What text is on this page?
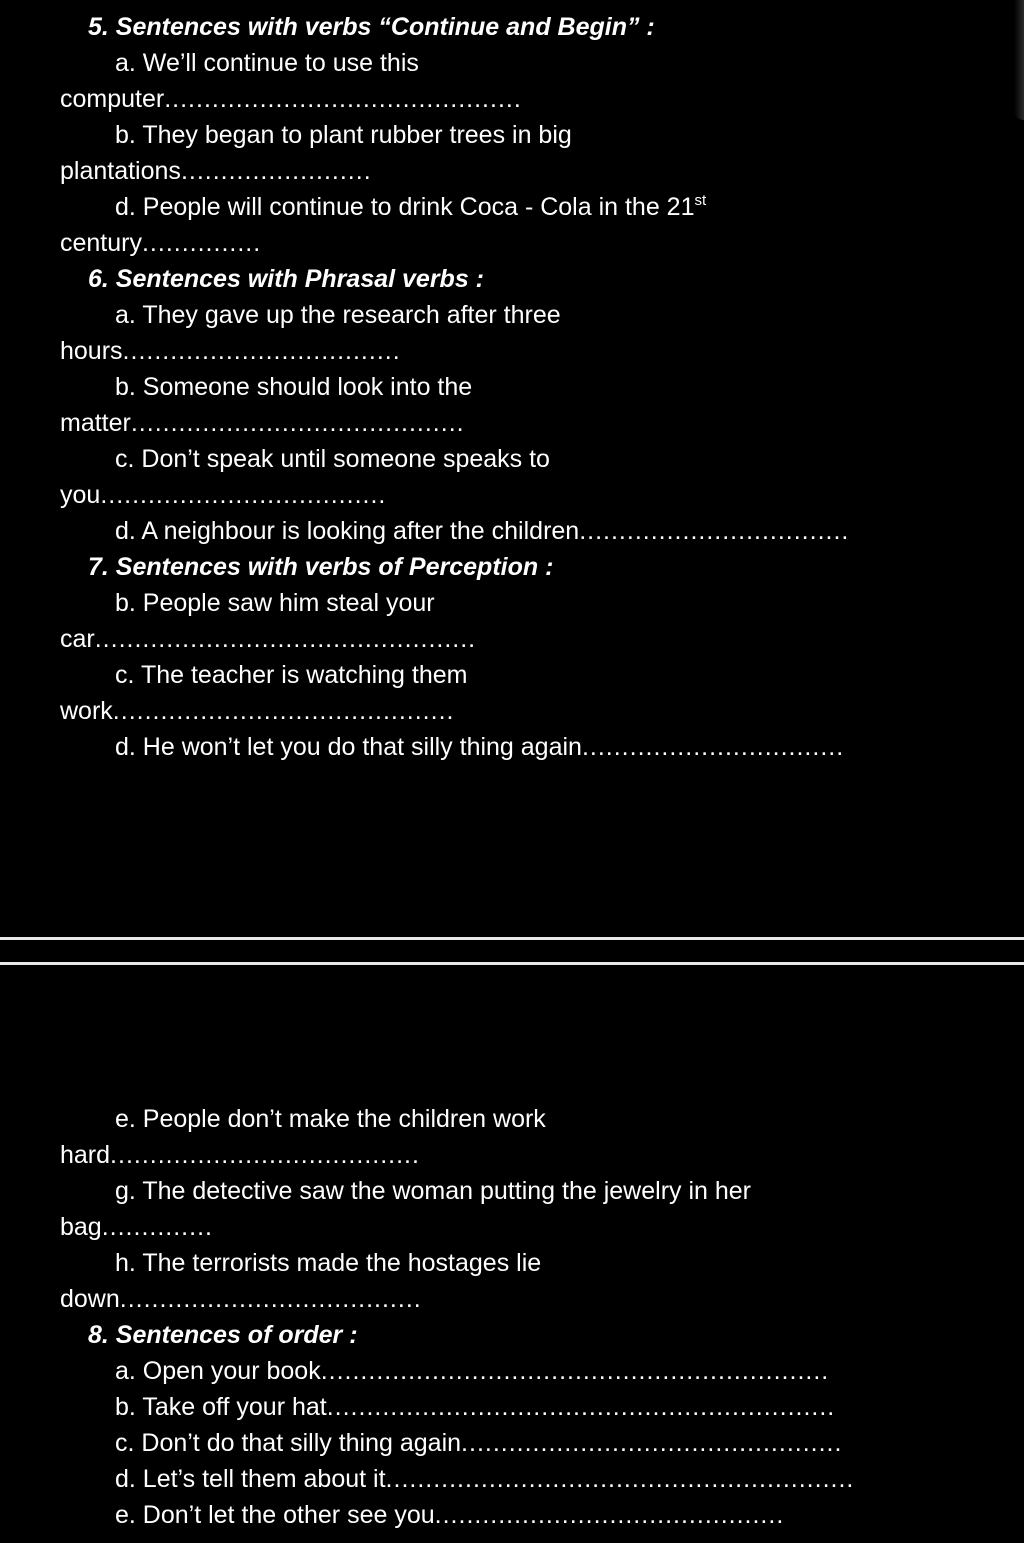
5. Sentences with verbs “Continue and Begin” :
a. We’ll continue to use this
computer.............................................
b. They began to plant rubber trees in big
plantations........................
d. People will continue to drink Coca - Cola in the 21st
century...............
6. Sentences with Phrasal verbs :
a. They gave up the research after three
hours...................................
b. Someone should look into the
matter..........................................
c. Don’t speak until someone speaks to
you....................................
d. A neighbour is looking after the children..................................
7. Sentences with verbs of Perception :
b. People saw him steal your
car................................................
c. The teacher is watching them
work...........................................
d. He won’t let you do that silly thing again.................................
e. People don’t make the children work
hard.......................................
g. The detective saw the woman putting the jewelry in her
bag..............
h. The terrorists made the hostages lie
down......................................
8. Sentences of order :
a. Open your book................................................................
b. Take off your hat................................................................
c. Don’t do that silly thing again................................................
d. Let’s tell them about it...........................................................
e. Don’t let the other see you............................................
